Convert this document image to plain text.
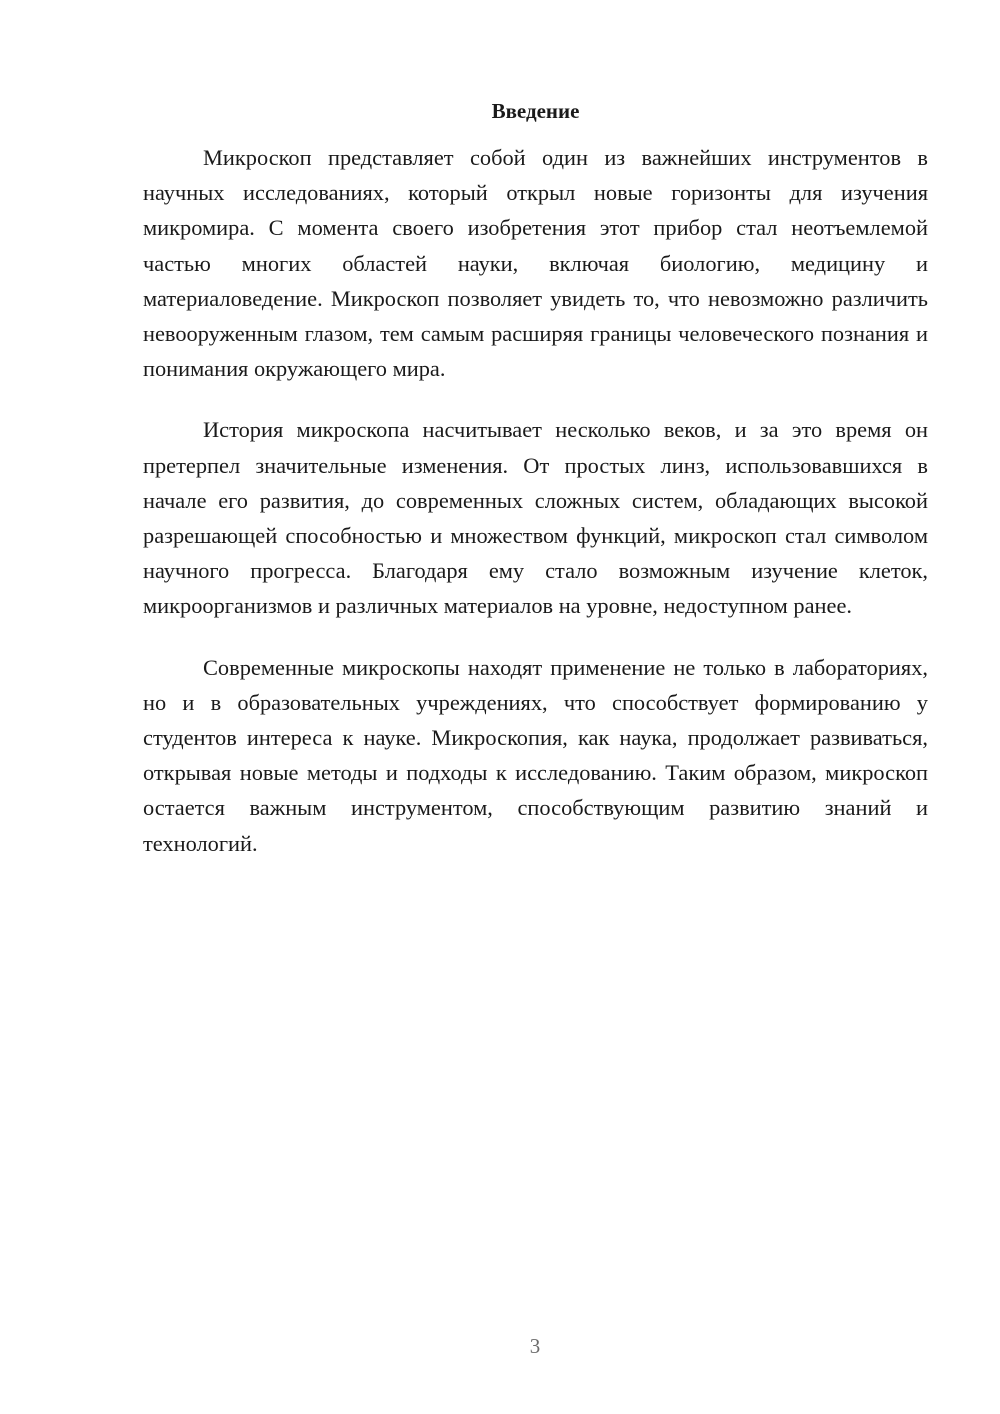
Введение

Микроскоп представляет собой один из важнейших инструментов в научных исследованиях, который открыл новые горизонты для изучения микромира. С момента своего изобретения этот прибор стал неотъемлемой частью многих областей науки, включая биологию, медицину и материаловедение. Микроскоп позволяет увидеть то, что невозможно различить невооруженным глазом, тем самым расширяя границы человеческого познания и понимания окружающего мира.

История микроскопа насчитывает несколько веков, и за это время он претерпел значительные изменения. От простых линз, использовавшихся в начале его развития, до современных сложных систем, обладающих высокой разрешающей способностью и множеством функций, микроскоп стал символом научного прогресса. Благодаря ему стало возможным изучение клеток, микроорганизмов и различных материалов на уровне, недоступном ранее.

Современные микроскопы находят применение не только в лабораториях, но и в образовательных учреждениях, что способствует формированию у студентов интереса к науке. Микроскопия, как наука, продолжает развиваться, открывая новые методы и подходы к исследованию. Таким образом, микроскоп остается важным инструментом, способствующим развитию знаний и технологий.

3
